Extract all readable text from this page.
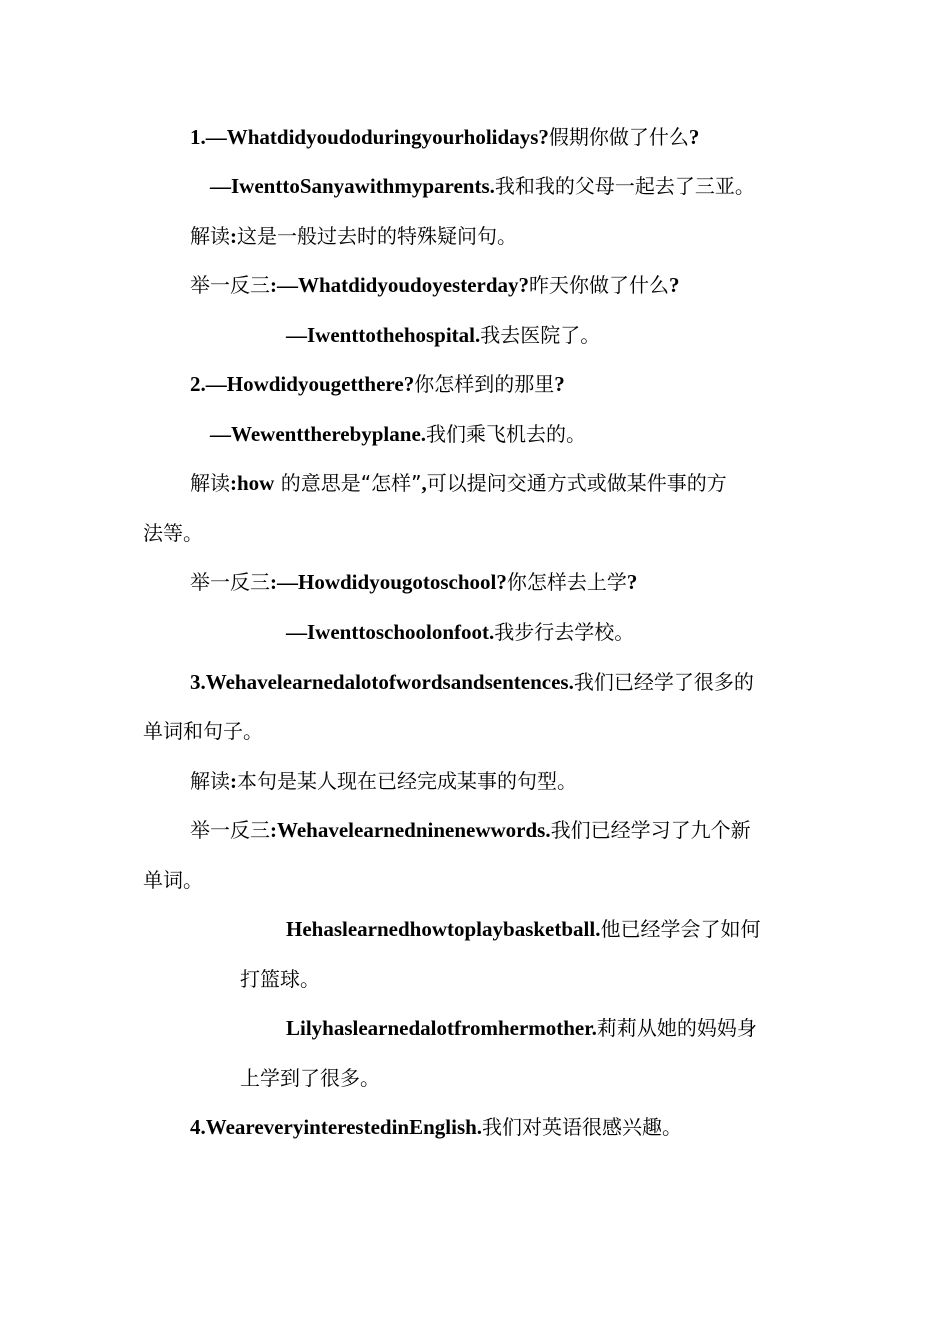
1.—Whatdidyoudoduringyourholidays?假期你做了什么?
—IwenttoSanyawithmyparents.我和我的父母一起去了三亚。
解读:这是一般过去时的特殊疑问句。
举一反三:—Whatdidyoudoyesterday?昨天你做了什么?
—Iwenttothehospital.我去医院了。
2.—Howdidyougetthere?你怎样到的那里?
—Wewenttherebyplane.我们乘飞机去的。
解读:how 的意思是“怎样”,可以提问交通方式或做某件事的方
法等。
举一反三:—Howdidyougotoschool?你怎样去上学?
—Iwenttoschoolonfoot.我步行去学校。
3.Wehavelearnedalotofwordsandsentences.我们已经学了很多的
单词和句子。
解读:本句是某人现在已经完成某事的句型。
举一反三:Wehavelearnedninenewwords.我们已经学习了九个新
单词。
Hehaslearnedhowtoplaybasketball.他已经学会了如何
打篮球。
Lilyhaslearnedalotfromhermother.莉莉从她的妈妈身
上学到了很多。
4.WeareveryinterestedinEnglish.我们对英语很感兴趣。
